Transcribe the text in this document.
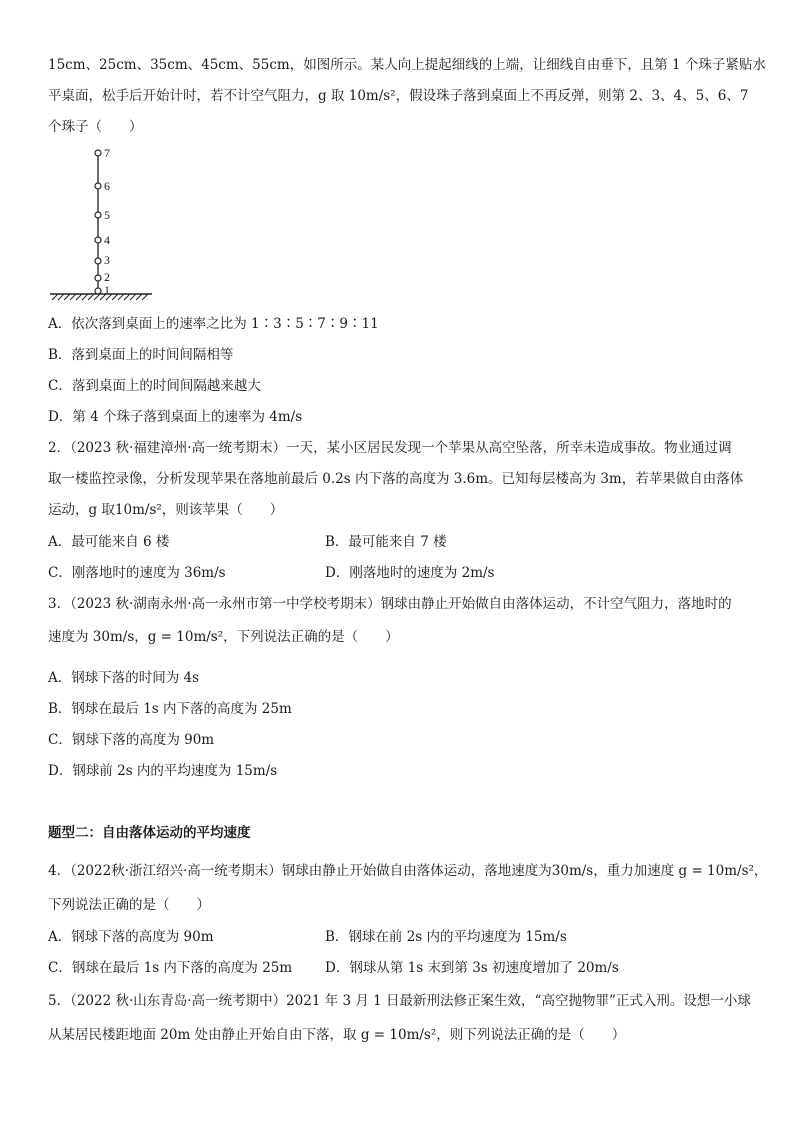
15cm、25cm、35cm、45cm、55cm，如图所示。某人向上提起细线的上端，让细线自由垂下，且第 1 个珠子紧贴水
平桌面，松手后开始计时，若不计空气阻力，g 取 10m/s²，假设珠子落到桌面上不再反弹，则第 2、3、4、5、6、7
个珠子（　　）
1
2
3
4
5
6
7
A．依次落到桌面上的速率之比为 1∶3∶5∶7∶9∶11
B．落到桌面上的时间间隔相等
C．落到桌面上的时间间隔越来越大
D．第 4 个珠子落到桌面上的速率为 4m/s
2．（2023 秋·福建漳州·高一统考期末）一天，某小区居民发现一个苹果从高空坠落，所幸未造成事故。物业通过调
取一楼监控录像，分析发现苹果在落地前最后 0.2s 内下落的高度为 3.6m。已知每层楼高为 3m，若苹果做自由落体
运动，g 取10m/s²，则该苹果（　　）
A．最可能来自 6 楼	B．最可能来自 7 楼
C．刚落地时的速度为 36m/s	D．刚落地时的速度为 2m/s
3．（2023 秋·湖南永州·高一永州市第一中学校考期末）钢球由静止开始做自由落体运动，不计空气阻力，落地时的
速度为 30m/s，g = 10m/s²，下列说法正确的是（　　）
A．钢球下落的时间为 4s
B．钢球在最后 1s 内下落的高度为 25m
C．钢球下落的高度为 90m
D．钢球前 2s 内的平均速度为 15m/s
题型二：自由落体运动的平均速度
4．（2022秋·浙江绍兴·高一统考期末）钢球由静止开始做自由落体运动，落地速度为30m/s，重力加速度 g = 10m/s²，
下列说法正确的是（　　）
A．钢球下落的高度为 90m	B．钢球在前 2s 内的平均速度为 15m/s
C．钢球在最后 1s 内下落的高度为 25m D．钢球从第 1s 末到第 3s 初速度增加了 20m/s
5．（2022 秋·山东青岛·高一统考期中）2021 年 3 月 1 日最新刑法修正案生效，“高空抛物罪”正式入刑。设想一小球
从某居民楼距地面 20m 处由静止开始自由下落，取 g = 10m/s²，则下列说法正确的是（　　）
